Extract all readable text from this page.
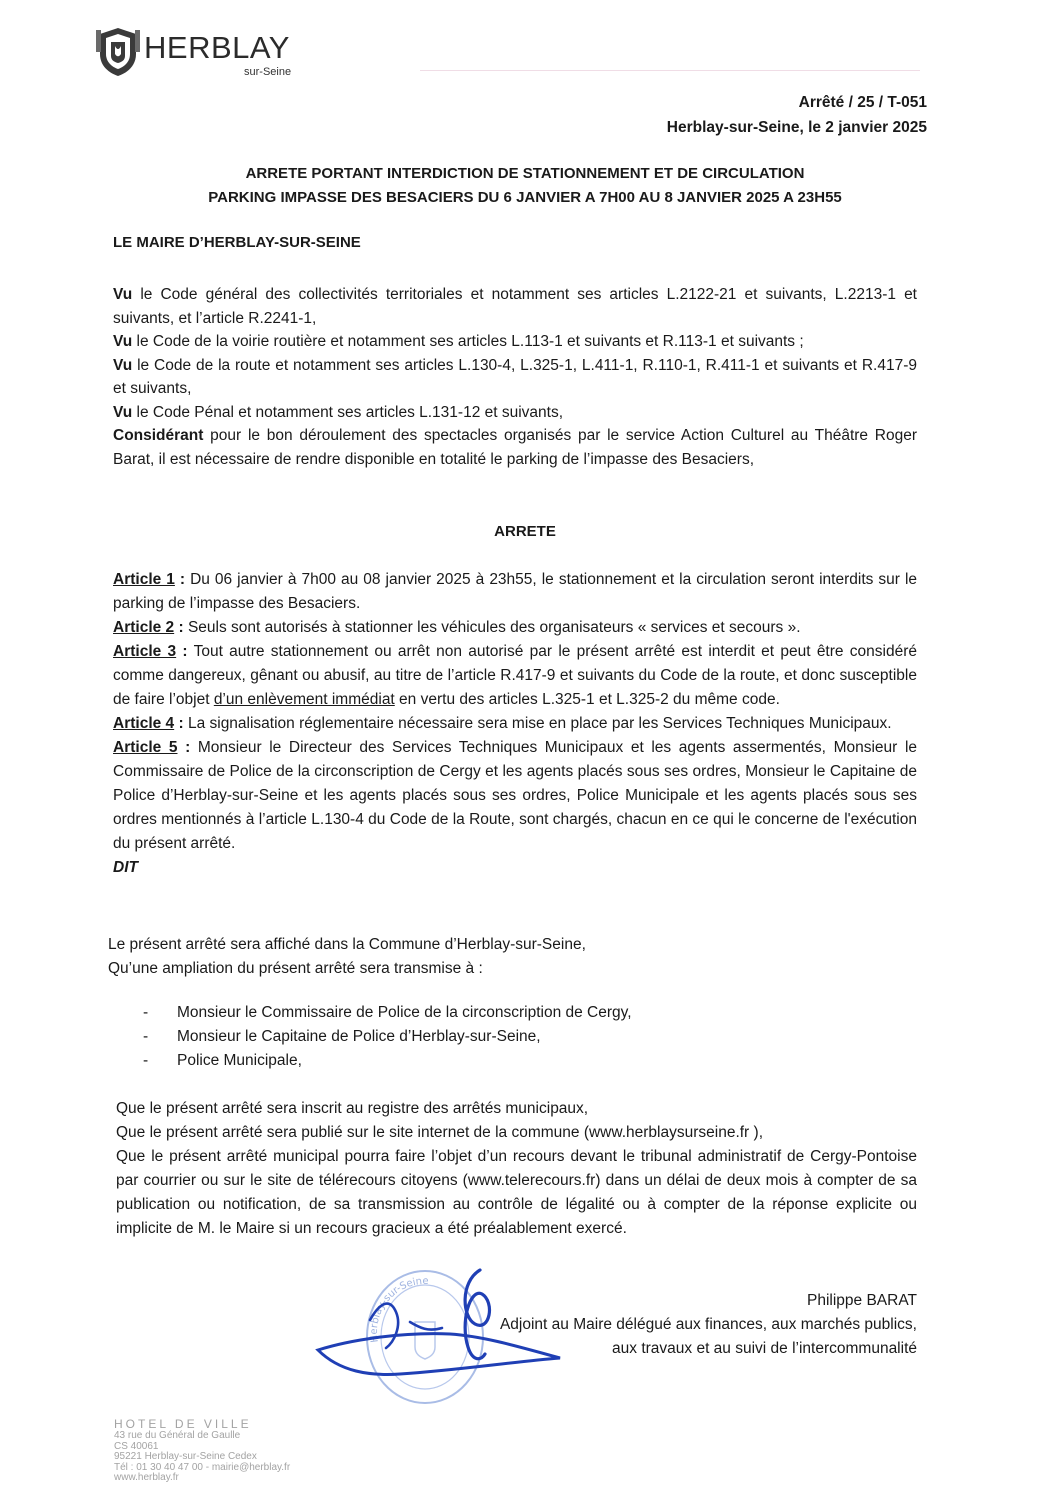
HERBLAY
sur-Seine
Arrêté / 25 / T-051
Herblay-sur-Seine, le 2 janvier 2025
ARRETE PORTANT INTERDICTION DE STATIONNEMENT ET DE CIRCULATION
PARKING IMPASSE DES BESACIERS DU 6 JANVIER A 7H00 AU 8 JANVIER 2025 A 23H55
LE MAIRE D’HERBLAY-SUR-SEINE

Vu le Code général des collectivités territoriales et notamment ses articles L.2122-21 et suivants, L.2213-1 et suivants, et l’article R.2241-1,

Vu le Code de la voirie routière et notamment ses articles L.113-1 et suivants et R.113-1 et suivants ;

Vu le Code de la route et notamment ses articles L.130-4, L.325-1, L.411-1, R.110-1, R.411-1 et suivants et R.417-9 et suivants,

Vu le Code Pénal et notamment ses articles L.131-12 et suivants,

Considérant pour le bon déroulement des spectacles organisés par le service Action Culturel au Théâtre Roger Barat, il est nécessaire de rendre disponible en totalité le parking de l’impasse des Besaciers,

ARRETE

Article 1 : Du 06 janvier à 7h00 au 08 janvier 2025 à 23h55, le stationnement et la circulation seront interdits sur le parking de l’impasse des Besaciers.

Article 2 : Seuls sont autorisés à stationner les véhicules des organisateurs « services et secours ».

Article 3 : Tout autre stationnement ou arrêt non autorisé par le présent arrêté est interdit et peut être considéré comme dangereux, gênant ou abusif, au titre de l’article R.417-9 et suivants du Code de la route, et donc susceptible de faire l’objet d’un enlèvement immédiat en vertu des articles L.325-1 et L.325-2 du même code.

Article 4 : La signalisation réglementaire nécessaire sera mise en place par les Services Techniques Municipaux.

Article 5 : Monsieur le Directeur des Services Techniques Municipaux et les agents assermentés, Monsieur le Commissaire de Police de la circonscription de Cergy et les agents placés sous ses ordres, Monsieur le Capitaine de Police d’Herblay-sur-Seine et les agents placés sous ses ordres, Police Municipale et les agents placés sous ses ordres mentionnés à l’article L.130-4 du Code de la Route, sont chargés, chacun en ce qui le concerne de l'exécution du présent arrêté.

DIT

Le présent arrêté sera affiché dans la Commune d’Herblay-sur-Seine,

Qu’une ampliation du présent arrêté sera transmise à :

- Monsieur le Commissaire de Police de la circonscription de Cergy,
- Monsieur le Capitaine de Police d’Herblay-sur-Seine,
- Police Municipale,

Que le présent arrêté sera inscrit au registre des arrêtés municipaux,

Que le présent arrêté sera publié sur le site internet de la commune (www.herblaysurseine.fr ),

Que le présent arrêté municipal pourra faire l’objet d’un recours devant le tribunal administratif de Cergy-Pontoise par courrier ou sur le site de télérecours citoyens (www.telerecours.fr) dans un délai de deux mois à compter de sa publication ou notification, de sa transmission au contrôle de légalité ou à compter de la réponse explicite ou implicite de M. le Maire si un recours gracieux a été préalablement exercé.

Herblay-sur-Seine

Philippe BARAT

Adjoint au Maire délégué aux finances, aux marchés publics,

aux travaux et au suivi de l’intercommunalité

HOTEL DE VILLE

43 rue du Général de Gaulle

CS 40061

95221 Herblay-sur-Seine Cedex

Tél : 01 30 40 47 00 - mairie@herblay.fr

www.herblay.fr
